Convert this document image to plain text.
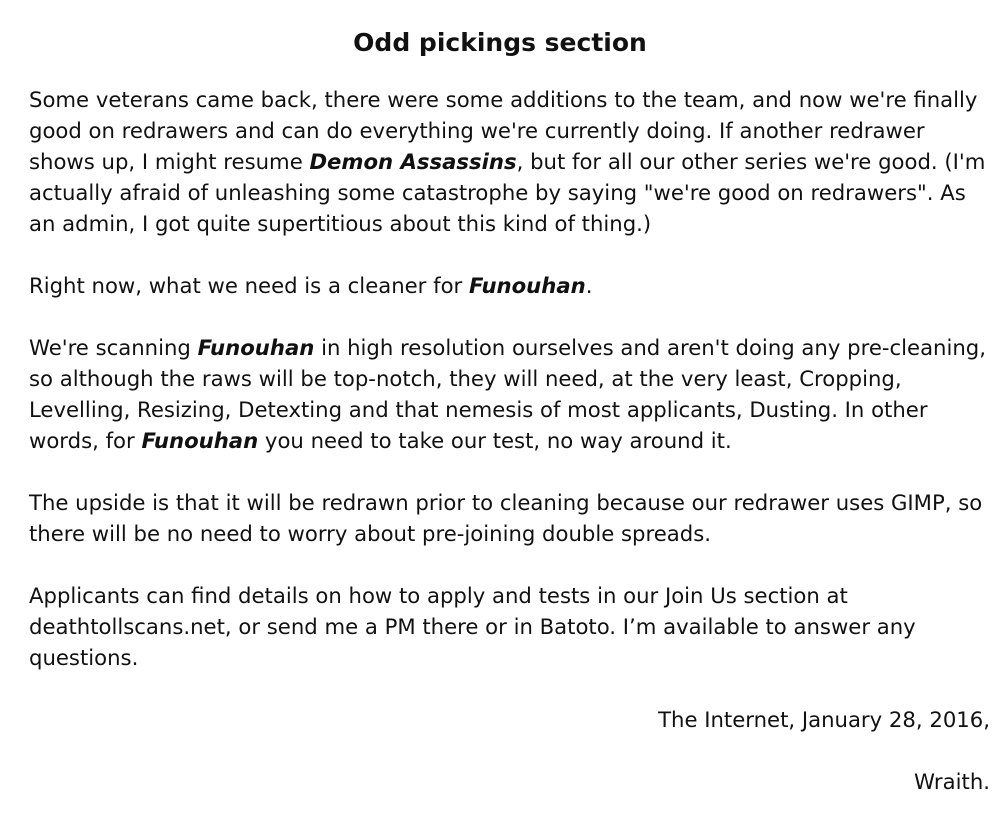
Odd pickings section

Some veterans came back, there were some additions to the team, and now we're finally good on redrawers and can do everything we're currently doing. If another redrawer shows up, I might resume Demon Assassins, but for all our other series we're good. (I'm actually afraid of unleashing some catastrophe by saying "we're good on redrawers". As an admin, I got quite supertitious about this kind of thing.)

Right now, what we need is a cleaner for Funouhan.

We're scanning Funouhan in high resolution ourselves and aren't doing any pre-cleaning, so although the raws will be top-notch, they will need, at the very least, Cropping, Levelling, Resizing, Detexting and that nemesis of most applicants, Dusting. In other words, for Funouhan you need to take our test, no way around it.

The upside is that it will be redrawn prior to cleaning because our redrawer uses GIMP, so there will be no need to worry about pre-joining double spreads.

Applicants can find details on how to apply and tests in our Join Us section at deathtollscans.net, or send me a PM there or in Batoto. I’m available to answer any questions.

The Internet, January 28, 2016,
Wraith.
